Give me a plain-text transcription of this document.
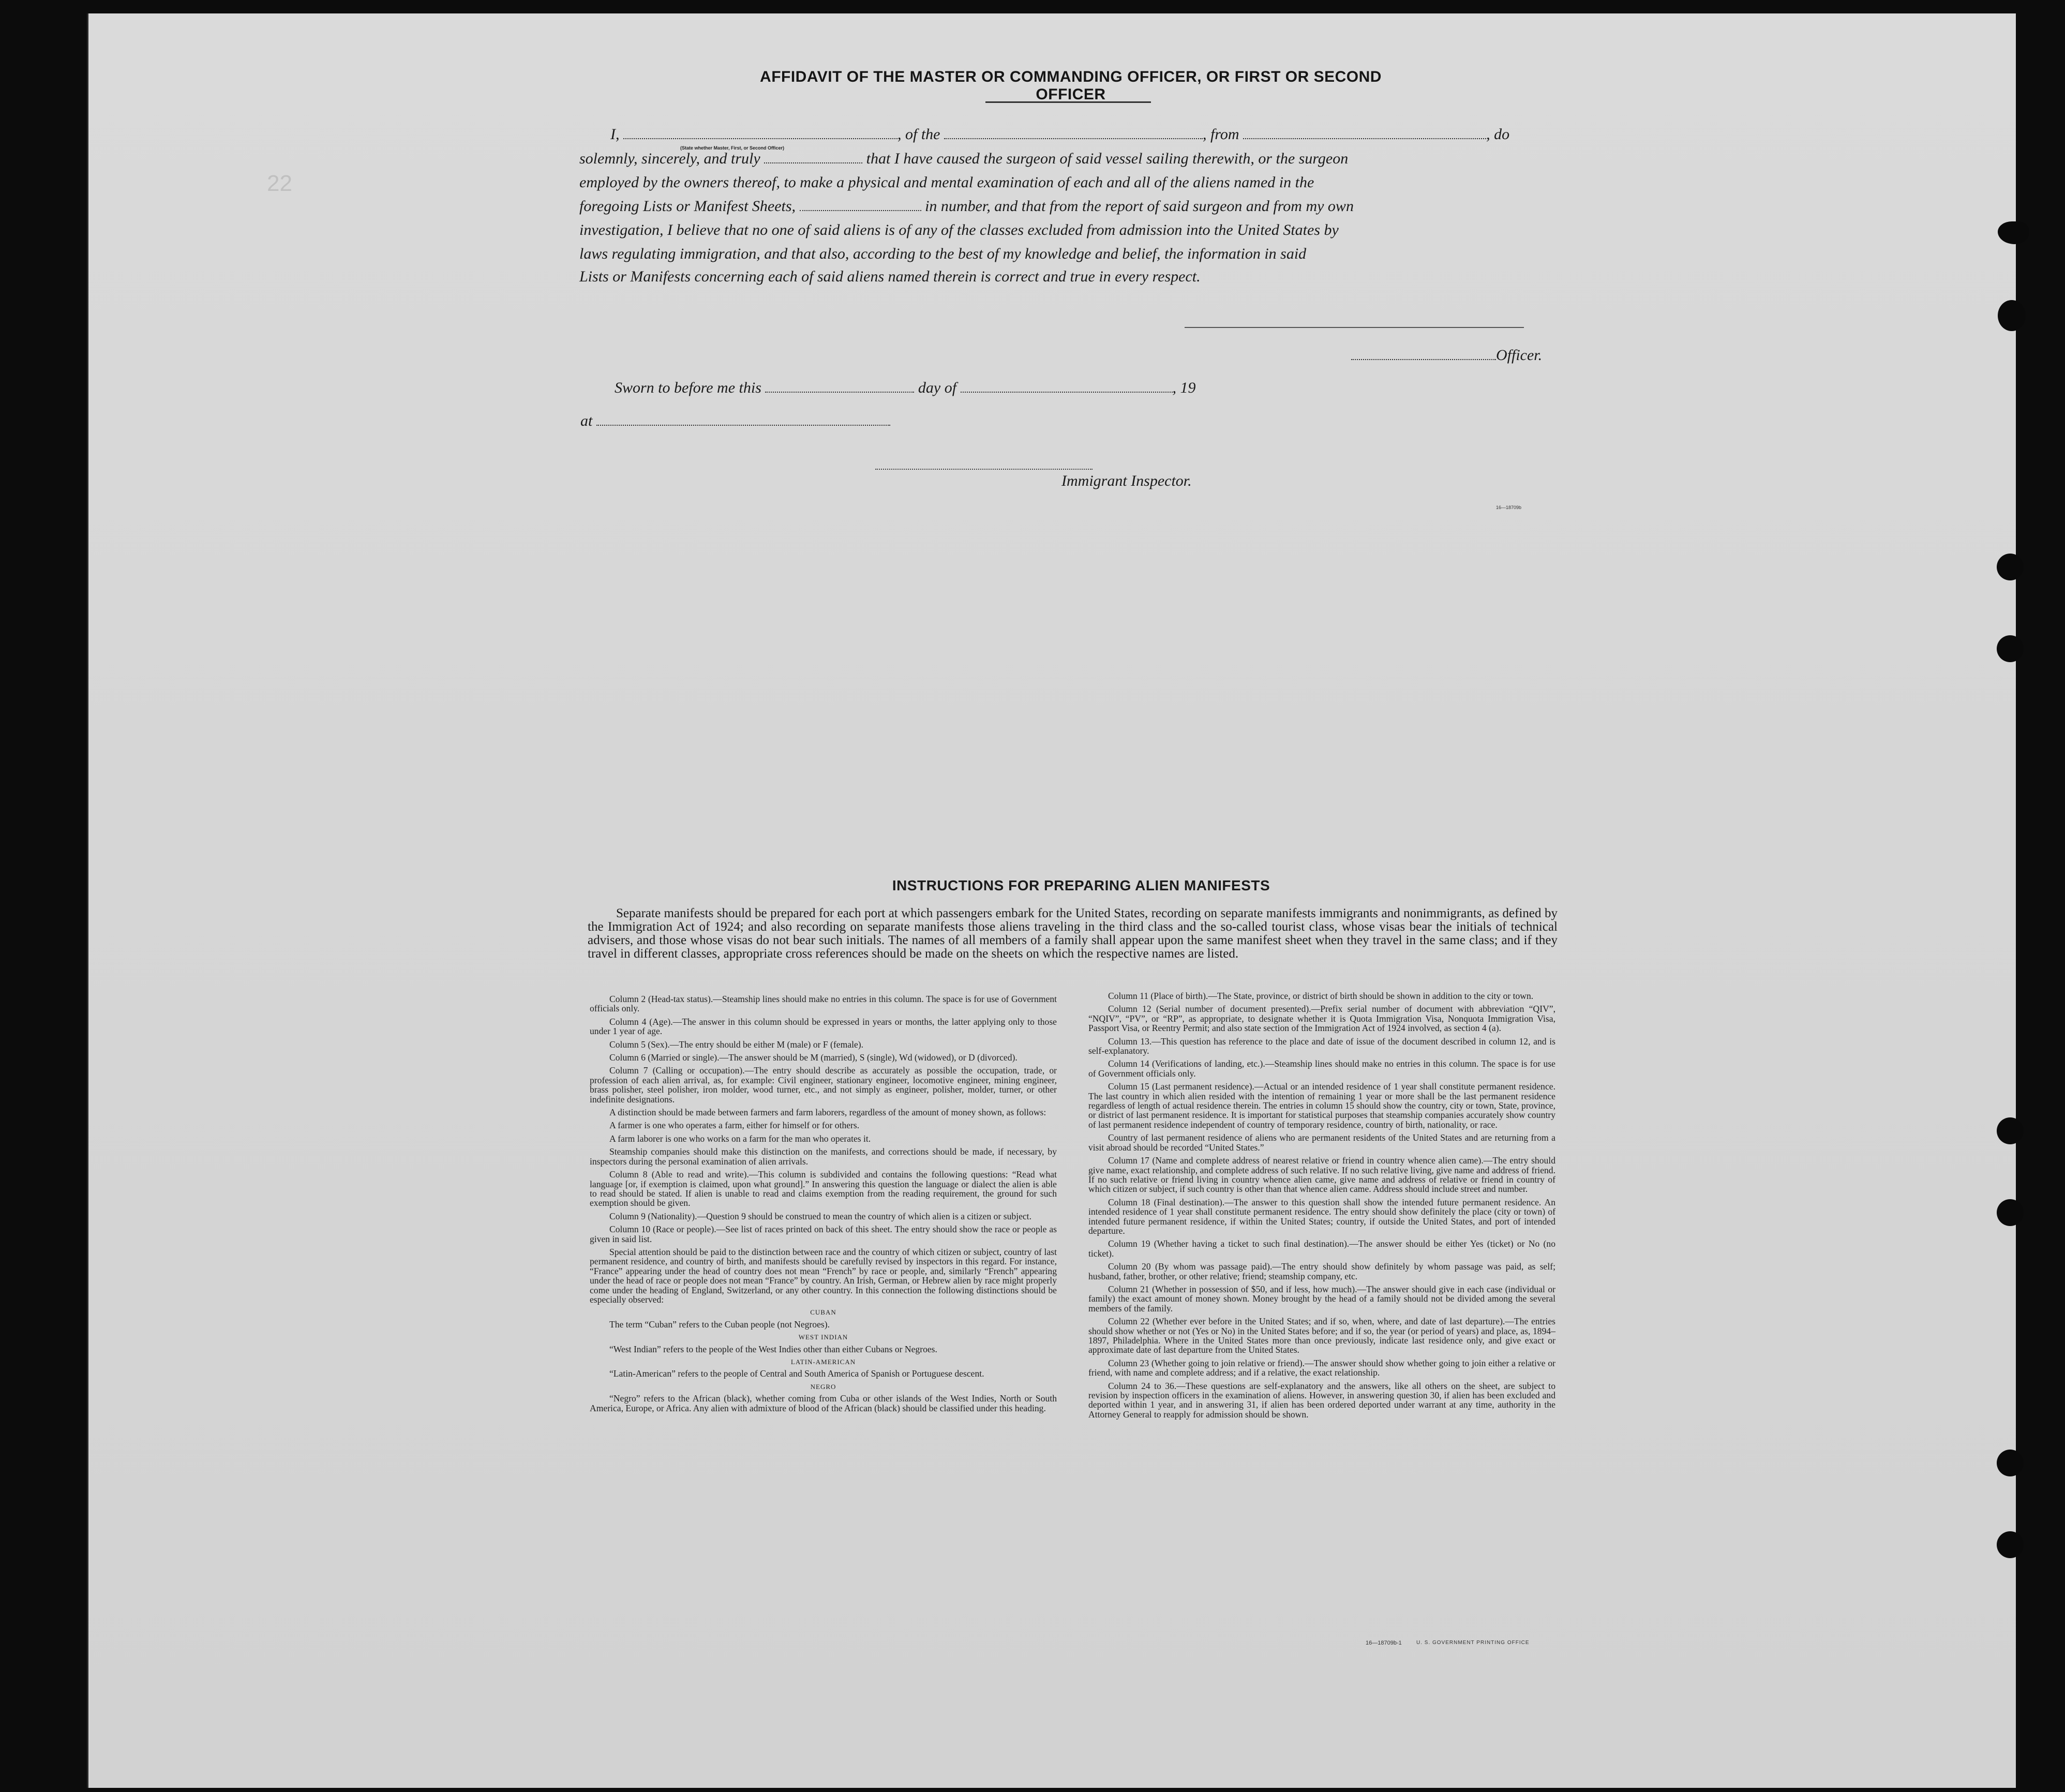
22
AFFIDAVIT OF THE MASTER OR COMMANDING OFFICER, OR FIRST OR SECOND OFFICER
I,	, of the	, from	, do
(State whether Master, First, or Second Officer)
solemnly, sincerely, and truly	that I have caused the surgeon of said vessel sailing therewith, or the surgeon
employed by the owners thereof, to make a physical and mental examination of each and all of the aliens named in the
foregoing Lists or Manifest Sheets,	in number, and that from the report of said surgeon and from my own
investigation, I believe that no one of said aliens is of any of the classes excluded from admission into the United States by
laws regulating immigration, and that also, according to the best of my knowledge and belief, the information in said
Lists or Manifests concerning each of said aliens named therein is correct and true in every respect.
Officer.
Sworn to before me this	day of	, 19
at
Immigrant Inspector.
16—18709b
INSTRUCTIONS FOR PREPARING ALIEN MANIFESTS
Separate manifests should be prepared for each port at which passengers embark for the United States, recording on separate manifests immigrants and nonimmigrants, as defined by the Immigration Act of 1924; and also recording on separate manifests those aliens traveling in the third class and the so-called tourist class, whose visas bear the initials of technical advisers, and those whose visas do not bear such initials. The names of all members of a family shall appear upon the same manifest sheet when they travel in the same class; and if they travel in different classes, appropriate cross references should be made on the sheets on which the respective names are listed.

Column 2 (Head-tax status).—Steamship lines should make no entries in this column. The space is for use of Government officials only.

Column 4 (Age).—The answer in this column should be expressed in years or months, the latter applying only to those under 1 year of age.

Column 5 (Sex).—The entry should be either M (male) or F (female).

Column 6 (Married or single).—The answer should be M (married), S (single), Wd (widowed), or D (divorced).

Column 7 (Calling or occupation).—The entry should describe as accurately as possible the occupation, trade, or profession of each alien arrival, as, for example: Civil engineer, stationary engineer, locomotive engineer, mining engineer, brass polisher, steel polisher, iron molder, wood turner, etc., and not simply as engineer, polisher, molder, turner, or other indefinite designations.

A distinction should be made between farmers and farm laborers, regardless of the amount of money shown, as follows:

A farmer is one who operates a farm, either for himself or for others.

A farm laborer is one who works on a farm for the man who operates it.

Steamship companies should make this distinction on the manifests, and corrections should be made, if necessary, by inspectors during the personal examination of alien arrivals.

Column 8 (Able to read and write).—This column is subdivided and contains the following questions: “Read what language [or, if exemption is claimed, upon what ground].” In answering this question the language or dialect the alien is able to read should be stated. If alien is unable to read and claims exemption from the reading requirement, the ground for such exemption should be given.

Column 9 (Nationality).—Question 9 should be construed to mean the country of which alien is a citizen or subject.

Column 10 (Race or people).—See list of races printed on back of this sheet. The entry should show the race or people as given in said list.

Special attention should be paid to the distinction between race and the country of which citizen or subject, country of last permanent residence, and country of birth, and manifests should be carefully revised by inspectors in this regard. For instance, “France” appearing under the head of country does not mean “French” by race or people, and, similarly “French” appearing under the head of race or people does not mean “France” by country. An Irish, German, or Hebrew alien by race might properly come under the heading of England, Switzerland, or any other country. In this connection the following distinctions should be especially observed:

CUBAN

The term “Cuban” refers to the Cuban people (not Negroes).

WEST INDIAN

“West Indian” refers to the people of the West Indies other than either Cubans or Negroes.

LATIN-AMERICAN

“Latin-American” refers to the people of Central and South America of Spanish or Portuguese descent.

NEGRO

“Negro” refers to the African (black), whether coming from Cuba or other islands of the West Indies, North or South America, Europe, or Africa. Any alien with admixture of blood of the African (black) should be classified under this heading.

Column 11 (Place of birth).—The State, province, or district of birth should be shown in addition to the city or town.

Column 12 (Serial number of document presented).—Prefix serial number of document with abbreviation “QIV”, “NQIV”, “PV”, or “RP”, as appropriate, to designate whether it is Quota Immigration Visa, Nonquota Immigration Visa, Passport Visa, or Reentry Permit; and also state section of the Immigration Act of 1924 involved, as section 4 (a).

Column 13.—This question has reference to the place and date of issue of the document described in column 12, and is self-explanatory.

Column 14 (Verifications of landing, etc.).—Steamship lines should make no entries in this column. The space is for use of Government officials only.

Column 15 (Last permanent residence).—Actual or an intended residence of 1 year shall constitute permanent residence. The last country in which alien resided with the intention of remaining 1 year or more shall be the last permanent residence regardless of length of actual residence therein. The entries in column 15 should show the country, city or town, State, province, or district of last permanent residence. It is important for statistical purposes that steamship companies accurately show country of last permanent residence independent of country of temporary residence, country of birth, nationality, or race.

Country of last permanent residence of aliens who are permanent residents of the United States and are returning from a visit abroad should be recorded “United States.”

Column 17 (Name and complete address of nearest relative or friend in country whence alien came).—The entry should give name, exact relationship, and complete address of such relative. If no such relative living, give name and address of friend. If no such relative or friend living in country whence alien came, give name and address of relative or friend in country of which citizen or subject, if such country is other than that whence alien came. Address should include street and number.

Column 18 (Final destination).—The answer to this question shall show the intended future permanent residence. An intended residence of 1 year shall constitute permanent residence. The entry should show definitely the place (city or town) of intended future permanent residence, if within the United States; country, if outside the United States, and port of intended departure.

Column 19 (Whether having a ticket to such final destination).—The answer should be either Yes (ticket) or No (no ticket).

Column 20 (By whom was passage paid).—The entry should show definitely by whom passage was paid, as self; husband, father, brother, or other relative; friend; steamship company, etc.

Column 21 (Whether in possession of $50, and if less, how much).—The answer should give in each case (individual or family) the exact amount of money shown. Money brought by the head of a family should not be divided among the several members of the family.

Column 22 (Whether ever before in the United States; and if so, when, where, and date of last departure).—The entries should show whether or not (Yes or No) in the United States before; and if so, the year (or period of years) and place, as, 1894–1897, Philadelphia. Where in the United States more than once previously, indicate last residence only, and give exact or approximate date of last departure from the United States.

Column 23 (Whether going to join relative or friend).—The answer should show whether going to join either a relative or friend, with name and complete address; and if a relative, the exact relationship.

Column 24 to 36.—These questions are self-explanatory and the answers, like all others on the sheet, are subject to revision by inspection officers in the examination of aliens. However, in answering question 30, if alien has been excluded and deported within 1 year, and in answering 31, if alien has been ordered deported under warrant at any time, authority in the Attorney General to reapply for admission should be shown.

16—18709b-1	U. S. GOVERNMENT PRINTING OFFICE
